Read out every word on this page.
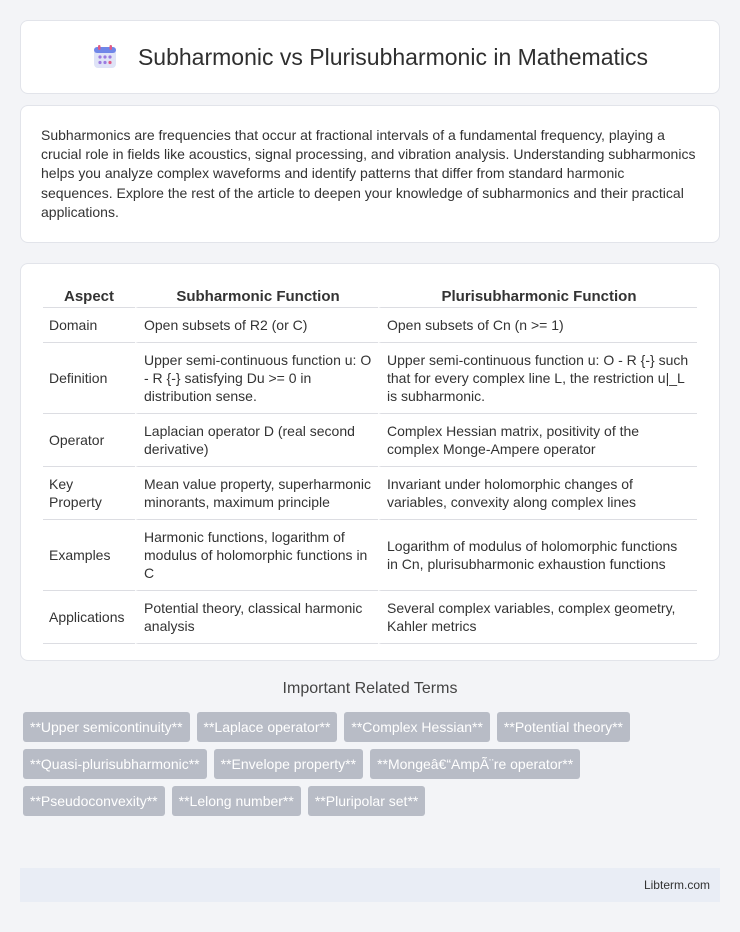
Subharmonic vs Plurisubharmonic in Mathematics

Subharmonics are frequencies that occur at fractional intervals of a fundamental frequency, playing a crucial role in fields like acoustics, signal processing, and vibration analysis. Understanding subharmonics helps you analyze complex waveforms and identify patterns that differ from standard harmonic sequences. Explore the rest of the article to deepen your knowledge of subharmonics and their practical applications.

Aspect	Subharmonic Function	Plurisubharmonic Function
Domain	Open subsets of R2 (or C)	Open subsets of Cn (n >= 1)
Definition	Upper semi-continuous function u: O - R {-} satisfying Du >= 0 in distribution sense.	Upper semi-continuous function u: O - R {-} such that for every complex line L, the restriction u|_L is subharmonic.
Operator	Laplacian operator D (real second derivative)	Complex Hessian matrix, positivity of the complex Monge-Ampere operator
Key Property	Mean value property, superharmonic minorants, maximum principle	Invariant under holomorphic changes of variables, convexity along complex lines
Examples	Harmonic functions, logarithm of modulus of holomorphic functions in C	Logarithm of modulus of holomorphic functions in Cn, plurisubharmonic exhaustion functions
Applications	Potential theory, classical harmonic analysis	Several complex variables, complex geometry, Kahler metrics
Important Related Terms
**Upper semicontinuity**	**Laplace operator**	**Complex Hessian**	**Potential theory**
**Quasi-plurisubharmonic**	**Envelope property**	**Mongeâ€“AmpÃ¨re operator**
**Pseudoconvexity**	**Lelong number**	**Pluripolar set**
Libterm.com
